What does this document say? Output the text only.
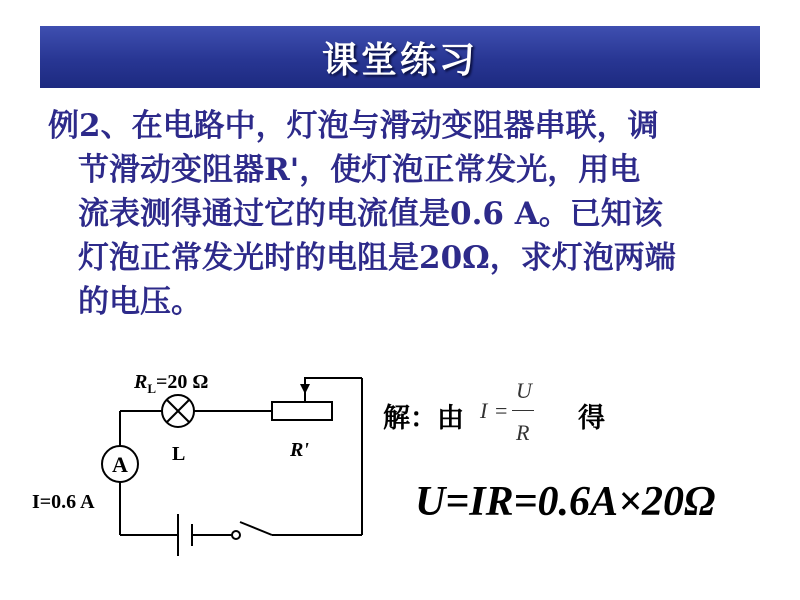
课堂练习
例2、在电路中，灯泡与滑动变阻器串联，调
节滑动变阻器R'，使灯泡正常发光，用电
流表测得通过它的电流值是0.6 A。已知该
灯泡正常发光时的电阻是20Ω，求灯泡两端
的电压。
A
$R_L=20$ Ω
L	R'
I=0.6 A
解：由 I =
U
R 得
U=IR=0.6A×20Ω
